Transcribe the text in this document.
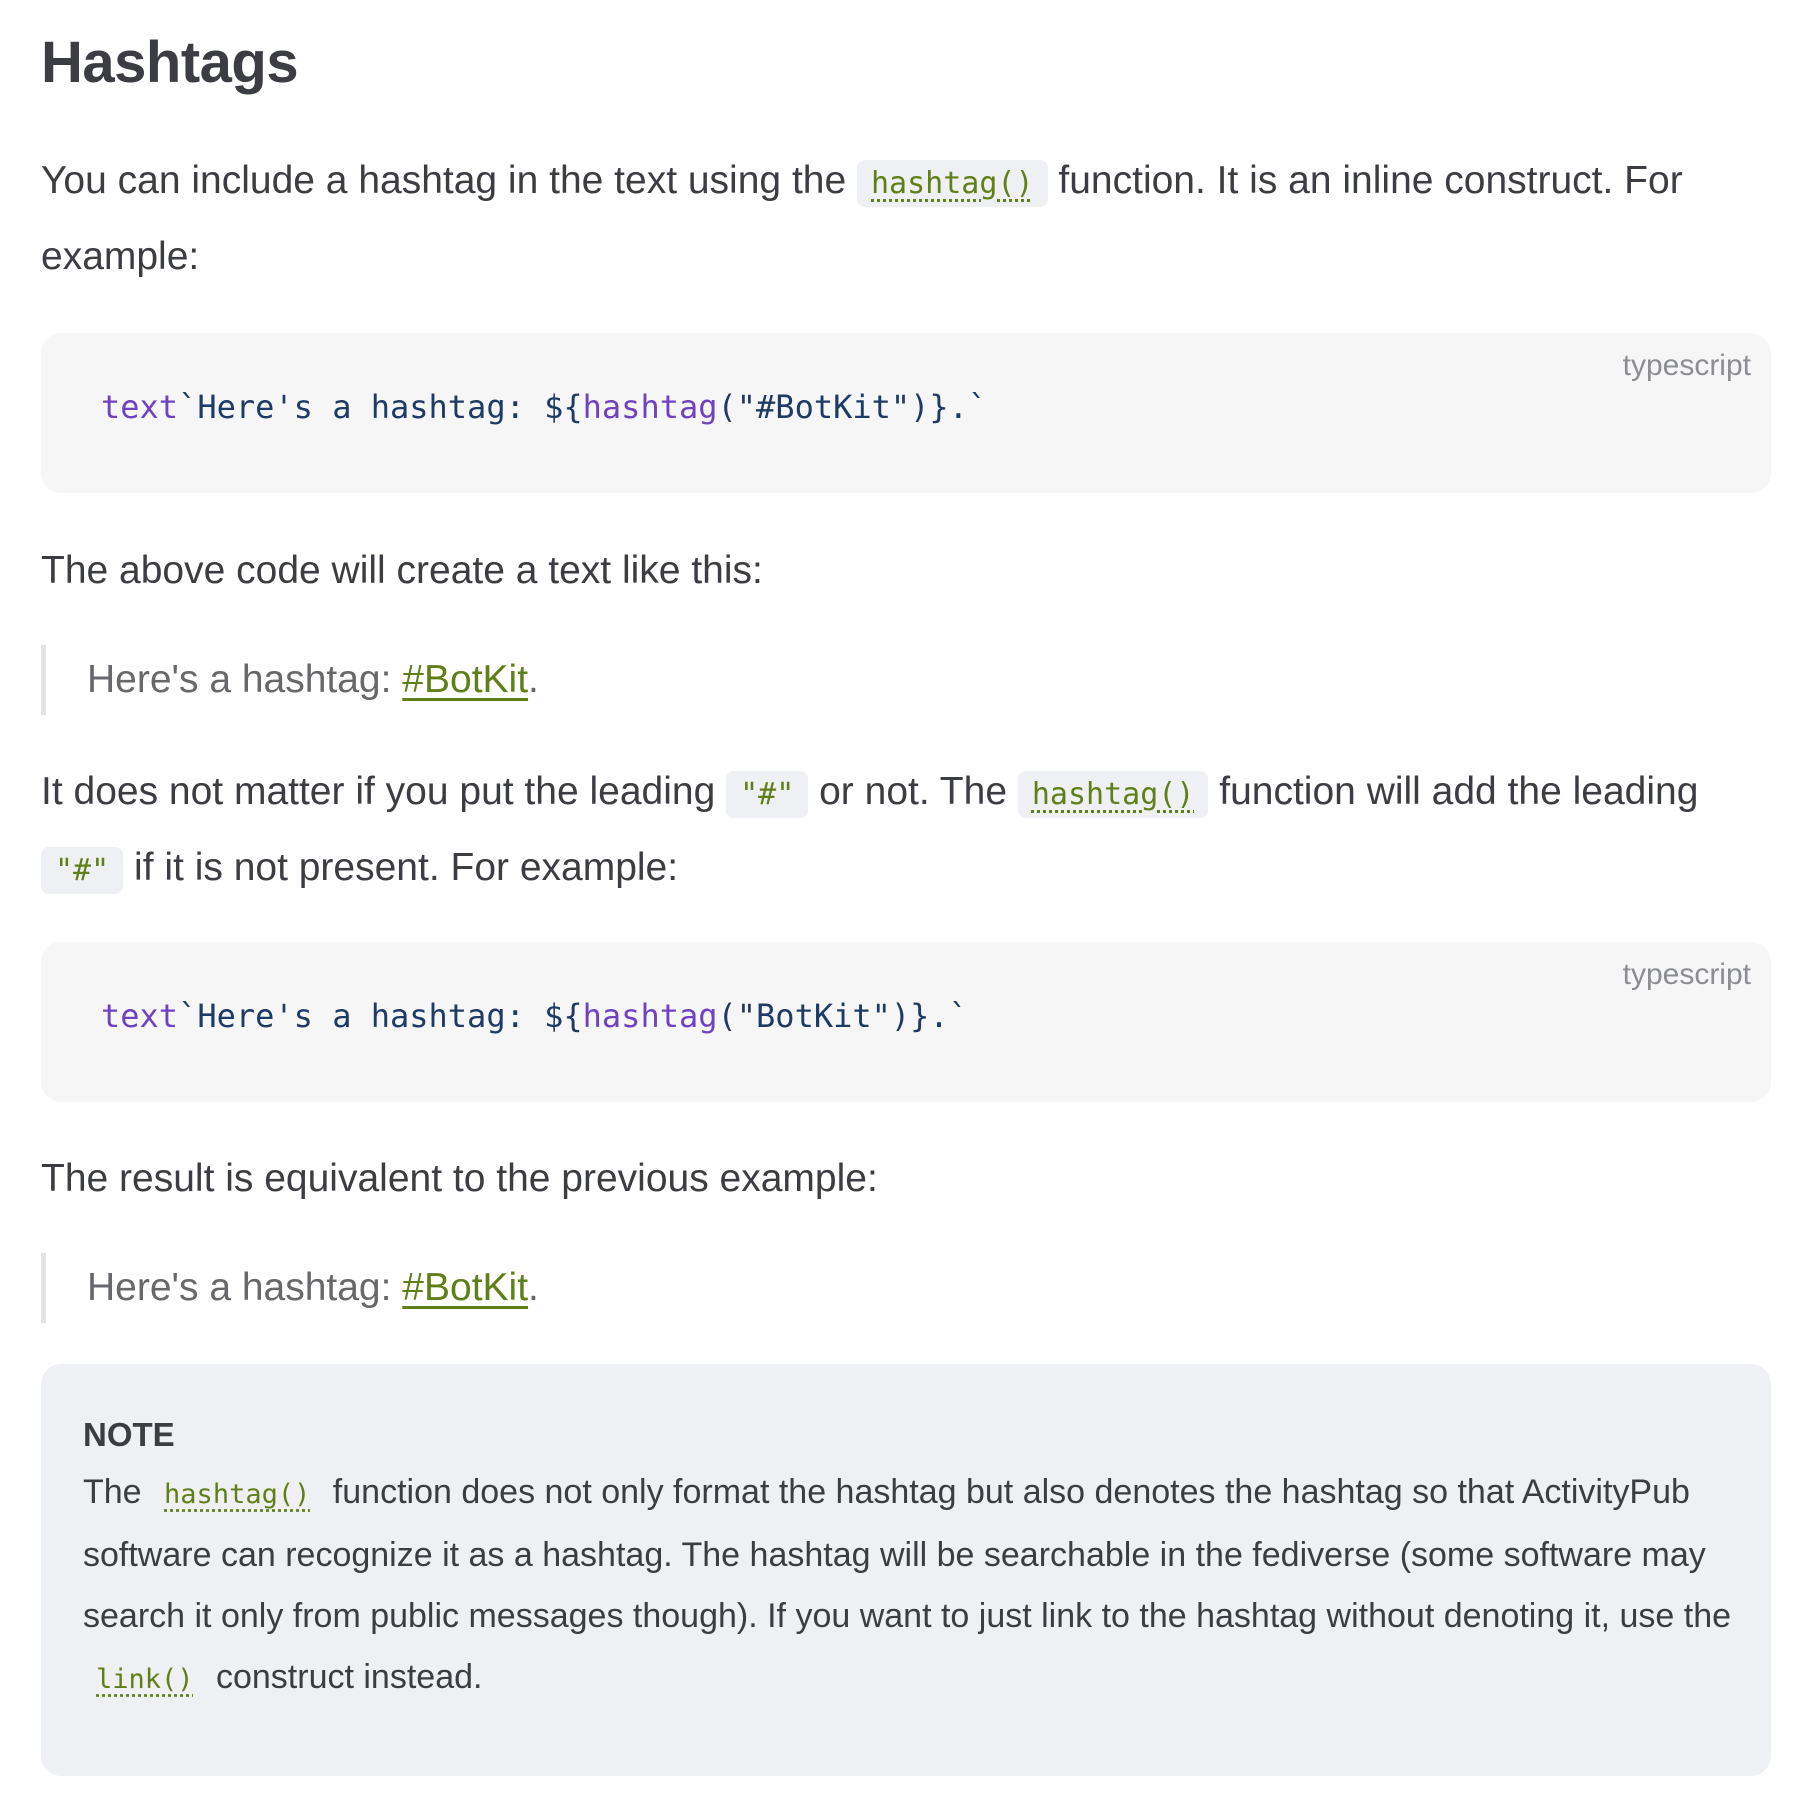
Hashtags

You can include a hashtag in the text using the hashtag() function. It is an inline construct. For example:

typescript
text`Here's a hashtag: ${hashtag("#BotKit")}.`

The above code will create a text like this:

Here's a hashtag: #BotKit.

It does not matter if you put the leading "#" or not. The hashtag() function will add the leading "#" if it is not present. For example:

typescript
text`Here's a hashtag: ${hashtag("BotKit")}.`

The result is equivalent to the previous example:

Here's a hashtag: #BotKit.
NOTE
The hashtag() function does not only format the hashtag but also denotes the hashtag so that ActivityPub software can recognize it as a hashtag. The hashtag will be searchable in the fediverse (some software may search it only from public messages though). If you want to just link to the hashtag without denoting it, use the link() construct instead.
